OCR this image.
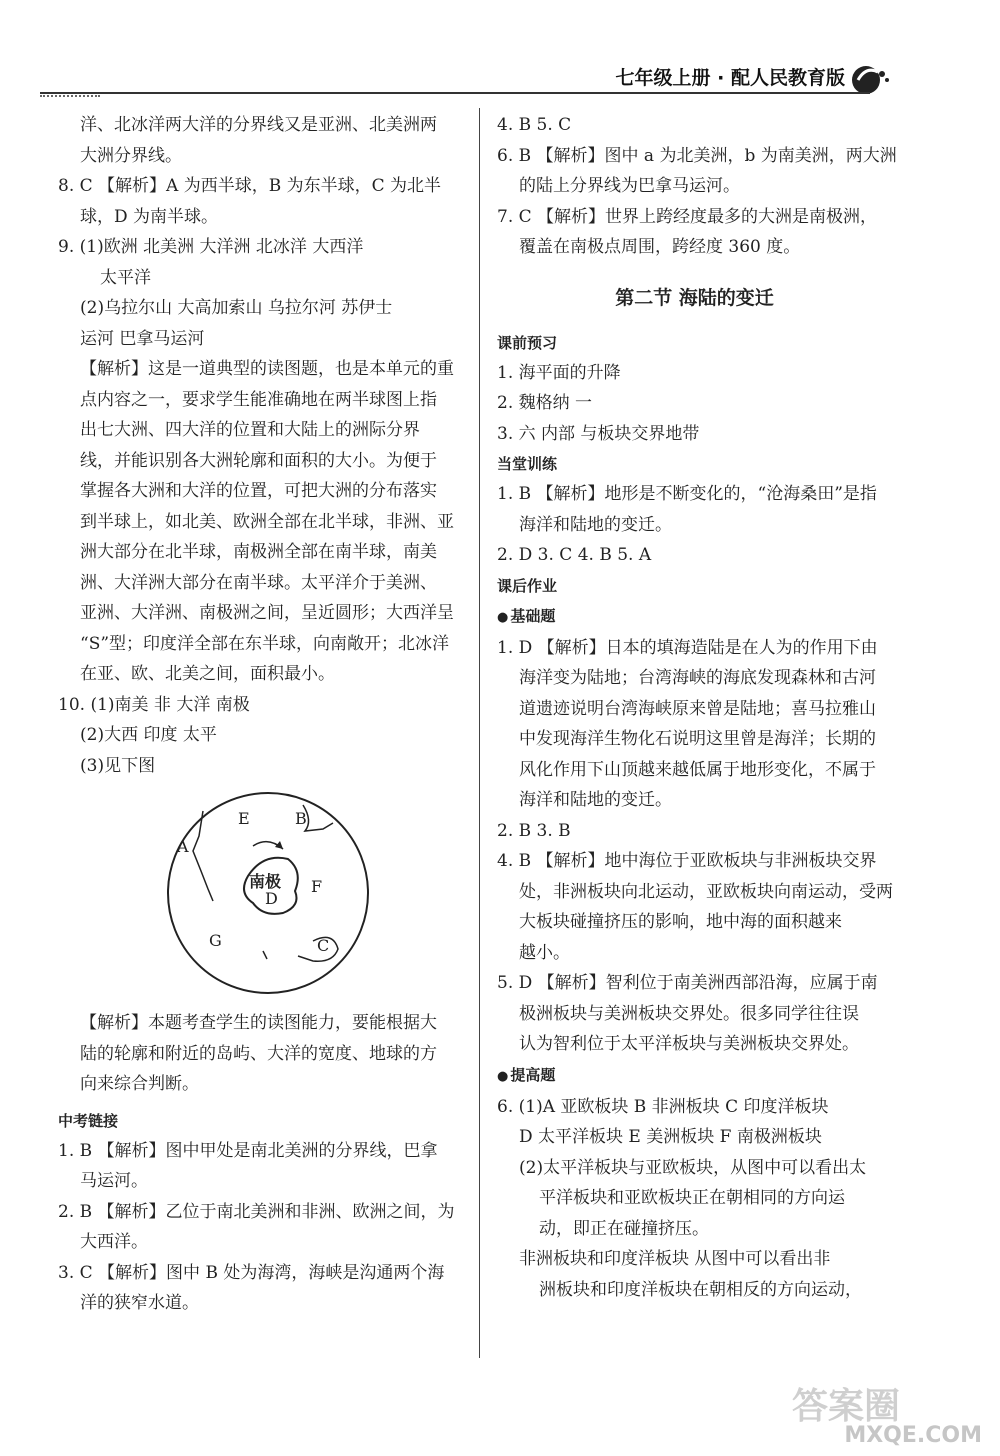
七年级上册 · 配人民教育版

洋、北冰洋两大洋的分界线又是亚洲、北美洲两

大洲分界线。

8. C 【解析】A 为西半球，B 为东半球，C 为北半

球，D 为南半球。

9. (1)欧洲 北美洲 大洋洲 北冰洋 大西洋

太平洋

(2)乌拉尔山 大高加索山 乌拉尔河 苏伊士

运河 巴拿马运河

【解析】这是一道典型的读图题，也是本单元的重

点内容之一，要求学生能准确地在两半球图上指

出七大洲、四大洋的位置和大陆上的洲际分界

线，并能识别各大洲轮廓和面积的大小。为便于

掌握各大洲和大洋的位置，可把大洲的分布落实

到半球上，如北美、欧洲全部在北半球，非洲、亚

洲大部分在北半球，南极洲全部在南半球，南美

洲、大洋洲大部分在南半球。太平洋介于美洲、

亚洲、大洋洲、南极洲之间，呈近圆形；大西洋呈

“S”型；印度洋全部在东半球，向南敞开；北冰洋

在亚、欧、北美之间，面积最小。

10. (1)南美 非 大洋 南极

(2)大西 印度 太平

(3)见下图

E	B
A
南极
D
F
G	C

【解析】本题考查学生的读图能力，要能根据大

陆的轮廓和附近的岛屿、大洋的宽度、地球的方

向来综合判断。

中考链接

1. B 【解析】图中甲处是南北美洲的分界线，巴拿

马运河。

2. B 【解析】乙位于南北美洲和非洲、欧洲之间，为

大西洋。

3. C 【解析】图中 B 处为海湾，海峡是沟通两个海

洋的狭窄水道。

4. B 5. C

6. B 【解析】图中 a 为北美洲，b 为南美洲，两大洲

的陆上分界线为巴拿马运河。

7. C 【解析】世界上跨经度最多的大洲是南极洲，

覆盖在南极点周围，跨经度 360 度。

第二节 海陆的变迁

课前预习

1. 海平面的升降

2. 魏格纳 一

3. 六 内部 与板块交界地带

当堂训练

1. B 【解析】地形是不断变化的，“沧海桑田”是指

海洋和陆地的变迁。

2. D 3. C 4. B 5. A

课后作业

● 基础题

1. D 【解析】日本的填海造陆是在人为的作用下由

海洋变为陆地；台湾海峡的海底发现森林和古河

道遗迹说明台湾海峡原来曾是陆地；喜马拉雅山

中发现海洋生物化石说明这里曾是海洋；长期的

风化作用下山顶越来越低属于地形变化，不属于

海洋和陆地的变迁。

2. B 3. B

4. B 【解析】地中海位于亚欧板块与非洲板块交界

处，非洲板块向北运动，亚欧板块向南运动，受两

大板块碰撞挤压的影响，地中海的面积越来

越小。

5. D 【解析】智利位于南美洲西部沿海，应属于南

极洲板块与美洲板块交界处。很多同学往往误

认为智利位于太平洋板块与美洲板块交界处。

● 提高题

6. (1)A 亚欧板块 B 非洲板块 C 印度洋板块

D 太平洋板块 E 美洲板块 F 南极洲板块

(2)太平洋板块与亚欧板块，从图中可以看出太

平洋板块和亚欧板块正在朝相同的方向运

动，即正在碰撞挤压。

非洲板块和印度洋板块 从图中可以看出非

洲板块和印度洋板块在朝相反的方向运动，

答案圈
MXQE.COM
